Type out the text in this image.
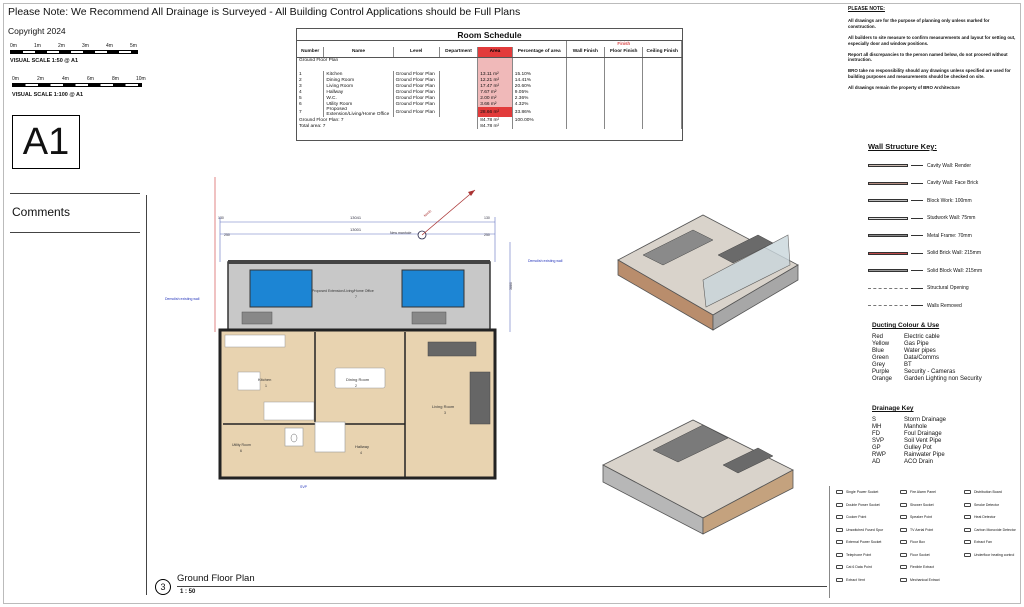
Please Note: We Recommend All Drainage is Surveyed - All Building Control Applications should be Full Plans
Copyright 2024
0m	1m	2m	3m	4m	5m
VISUAL SCALE 1:50 @ A1
0m	2m	4m	6m	8m	10m
VISUAL SCALE 1:100 @ A1
A1
Comments
Room Schedule
						Finish		
Number	Name	Level	Department	Area	Percentage of area	Wall Finish	Floor Finish	Ceiling Finish
Ground Floor Plan								

1	Kitchen	Ground Floor Plan		13.11 m²	15.10%			
2	Dining Room	Ground Floor Plan		12.21 m²	14.41%			
3	Living Room	Ground Floor Plan		17.47 m²	20.60%			
4	Hallway	Ground Floor Plan		7.67 m²	9.05%			
5	W.C.	Ground Floor Plan		2.00 m²	2.36%			
6	Utility Room	Ground Floor Plan		3.66 m²	4.32%			
7	Proposed Extension/Living/Home Office	Ground Floor Plan		28.66 m²	33.86%			
Ground Floor Plan: 7				84.78 m²	100.00%			
Total area: 7				84.78 m²				

PLEASE NOTE:

All drawings are for the purpose of planning only unless marked for construction.

All builders to site measure to confirm measurements and layout for setting out, especially door and window positions.

Report all discrepancies to the person named below, do not proceed without instruction.

BRO take no responsibility should any drawings unless specified are used for building purposes and measurements should be checked on site.

All drawings remain the property of BRO Architecture

Wall Structure Key:
Cavity Wall: Render
Cavity Wall: Face Brick
Block Work: 100mm
Studwork Wall: 75mm
Metal Frame: 70mm
Solid Brick Wall: 215mm
Solid Block Wall: 215mm
Structural Opening
Walls Removed
Ducting Colour & Use
Red	Electric cable
Yellow	Gas Pipe
Blue	Water pipes
Green	Data/Comms
Grey	BT
Purple	Security - Cameras
Orange	Garden Lighting non Security
Drainage Key
S	Storm Drainage
MH	Manhole
FD	Foul Drainage
SVP	Soil Vent Pipe
GP	Gulley Pot
RWP	Rainwater Pipe
AD	ACO Drain
Single Power Socket	Fire Alarm Panel	Distribution Board
Double Power Socket	Shower Socket	Smoke Detector
Cooker Point	Speaker Point	Heat Detector
Unswitched Fused Spur	TV Aerial Point	Carbon Monoxide Detector
External Power Socket	Floor Box	Extract Fan
Telephone Point	Floor Socket	Underfloor heating control
Cat 6 Data Point	Flexible Extract
Extract Vent	Mechanical Extract
13041
13001
130	130
250	250
3880
New manhole
North
Demolish existing wall
Demolish existing wall
Proposed Extension/Living/Home Office
7
Kitchen
1
Dining Room
2
Living Room
3
Utility Room
6
Hallway
4
SVP
3
Ground Floor Plan
1 : 50
